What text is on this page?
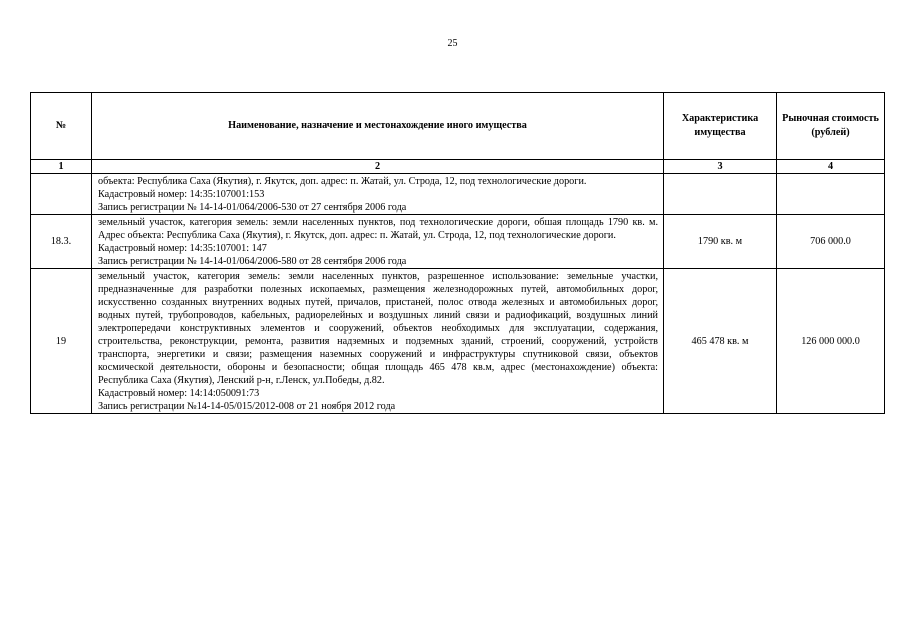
25
№	Наименование, назначение и местонахождение иного имущества	Характеристика имущества	Рыночная стоимость (рублей)
1	2	3	4

	объекта: Республика Саха (Якутия), г. Якутск, доп. адрес: п. Жатай, ул. Строда, 12, под технологические дороги.
Кадастровый номер: 14:35:107001:153
Запись регистрации № 14-14-01/064/2006-530 от 27 сентября 2006 года		

18.3.	земельный участок, категория земель: земли населенных пунктов, под технологические дороги, обшая площадь 1790 кв. м. Адрес объекта: Республика Саха (Якутия), г. Якутск, доп. адрес: п. Жатай, ул. Строда, 12, под технологические дороги.
Кадастровый номер: 14:35:107001: 147
Запись регистрации № 14-14-01/064/2006-580 от 28 сентября 2006 года	1790 кв. м	706 000.0
19	земельный участок, категория земель: земли населенных пунктов, разрешенное использование: земельные участки, предназначенные для разработки полезных ископаемых, размещения железнодорожных путей, автомобильных дорог, искусственно созданных внутренних водных путей, причалов, пристаней, полос отвода железных и автомобильных дорог, водных путей, трубопроводов, кабельных, радиорелейных и воздушных линий связи и радиофикаций, воздушных линий электропередачи конструктивных элементов и сооружений, объектов необходимых для эксплуатации, содержания, строительства, реконструкции, ремонта, развития надземных и подземных зданий, строений, сооружений, устройств транспорта, энергетики и связи; размещения наземных сооружений и инфраструктуры спутниковой связи, объектов космической деятельности, обороны и безопасности; общая площадь 465 478 кв.м, адрес (местонахождение) объекта: Республика Саха (Якутия), Ленский р-н, г.Ленск, ул.Победы, д.82.
Кадастровый номер: 14:14:050091:73
Запись регистрации №14-14-05/015/2012-008 от 21 ноября 2012 года	465 478 кв. м	126 000 000.0
